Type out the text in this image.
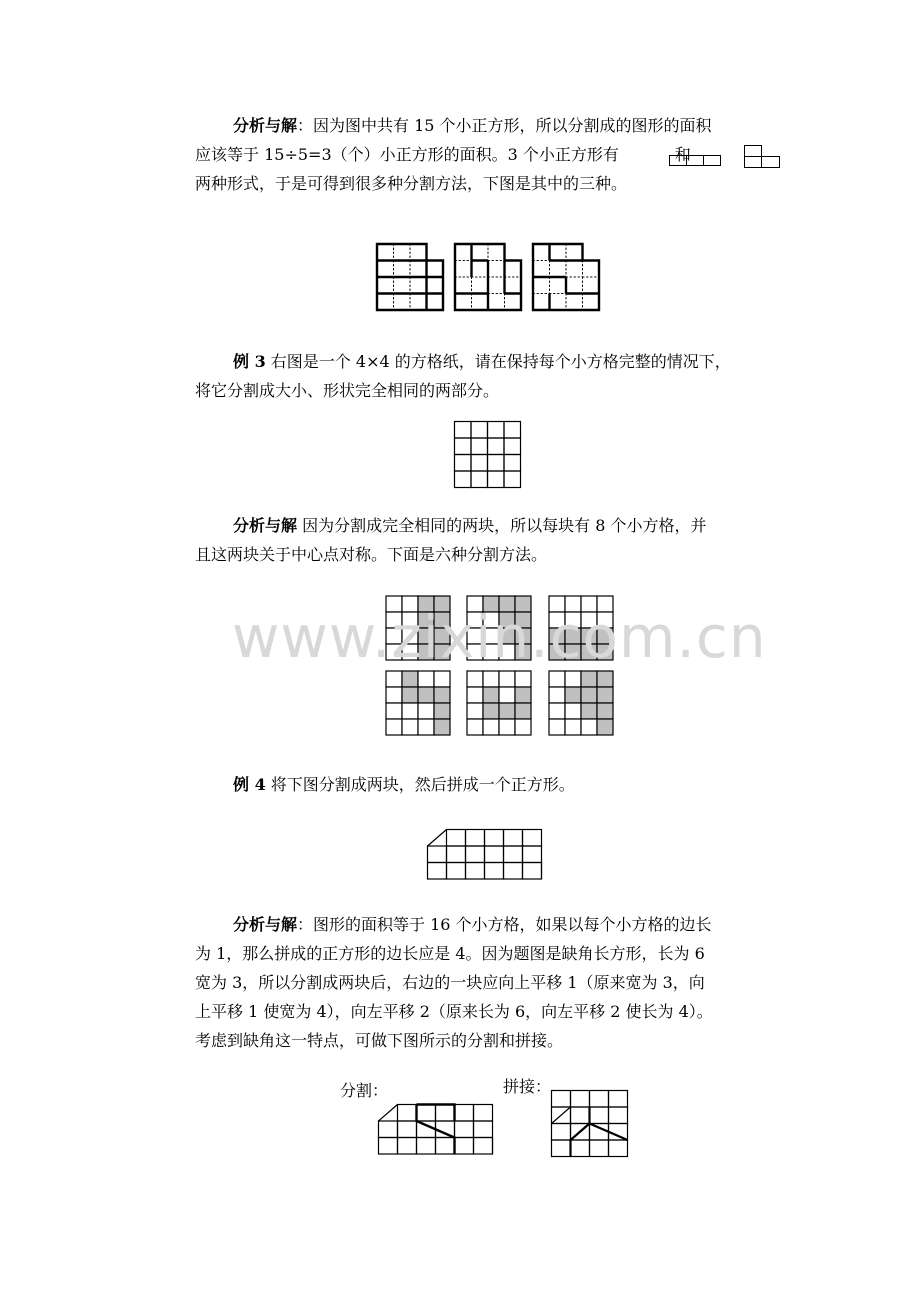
分析与解：因为图中共有 15 个小正方形，所以分割成的图形的面积
应该等于 15÷5=3（个）小正方形的面积。3 个小正方形有	和
两种形式，于是可得到很多种分割方法，下图是其中的三种。

例 3 右图是一个 4×4 的方格纸，请在保持每个小方格完整的情况下，
将它分割成大小、形状完全相同的两部分。

分析与解 因为分割成完全相同的两块，所以每块有 8 个小方格，并
且这两块关于中心点对称。下面是六种分割方法。

www.zixin.com.cn

例 4 将下图分割成两块，然后拼成一个正方形。

分析与解：图形的面积等于 16 个小方格，如果以每个小方格的边长
为 1，那么拼成的正方形的边长应是 4。因为题图是缺角长方形，长为 6
宽为 3，所以分割成两块后，右边的一块应向上平移 1（原来宽为 3，向
上平移 1 使宽为 4），向左平移 2（原来长为 6，向左平移 2 使长为 4）。
考虑到缺角这一特点，可做下图所示的分割和拼接。

分割：	拼接：
